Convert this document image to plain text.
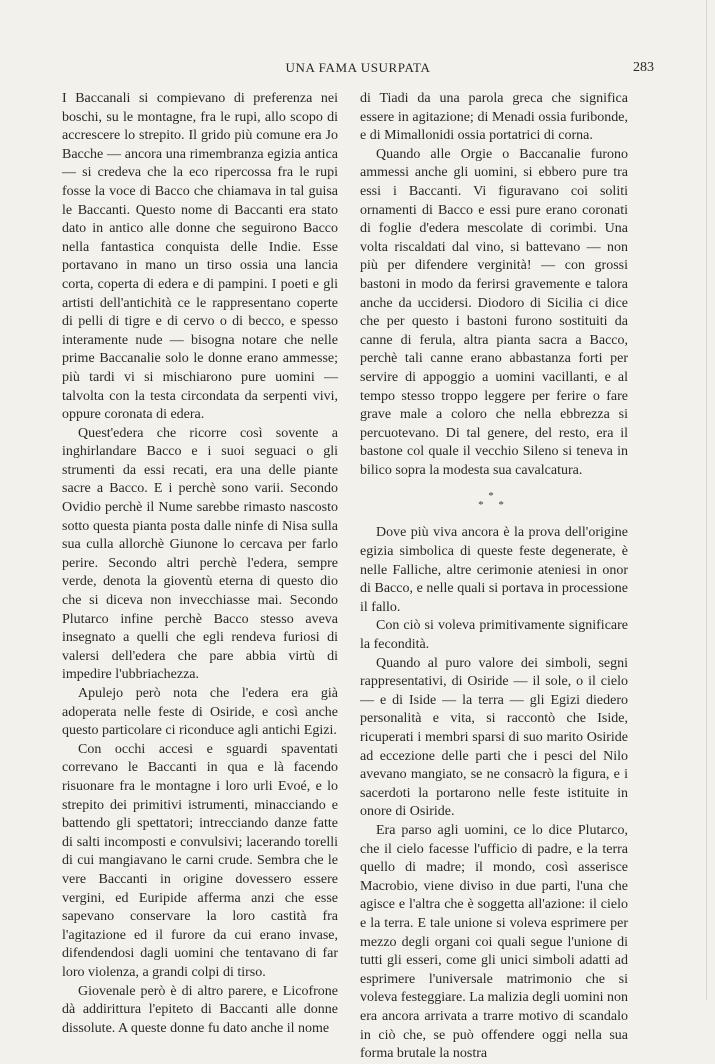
UNA FAMA USURPATA	283

I Baccanali si compievano di preferenza nei boschi, su le montagne, fra le rupi, allo scopo di accrescere lo strepito. Il grido più comune era Jo Bacche — ancora una rimembranza egizia antica — si credeva che la eco ripercossa fra le rupi fosse la voce di Bacco che chiamava in tal guisa le Baccanti. Questo nome di Baccanti era stato dato in antico alle donne che seguirono Bacco nella fantastica conquista delle Indie. Esse portavano in mano un tirso ossia una lancia corta, coperta di edera e di pampini. I poeti e gli artisti dell'antichità ce le rappresentano coperte di pelli di tigre e di cervo o di becco, e spesso interamente nude — bisogna notare che nelle prime Baccanalie solo le donne erano ammesse; più tardi vi si mischiarono pure uomini — talvolta con la testa circondata da serpenti vivi, oppure coronata di edera.

Quest'edera che ricorre così sovente a inghirlandare Bacco e i suoi seguaci o gli strumenti da essi recati, era una delle piante sacre a Bacco. E i perchè sono varii. Secondo Ovidio perchè il Nume sarebbe rimasto nascosto sotto questa pianta posta dalle ninfe di Nisa sulla sua culla allorchè Giunone lo cercava per farlo perire. Secondo altri perchè l'edera, sempre verde, denota la gioventù eterna di questo dio che si diceva non invecchiasse mai. Secondo Plutarco infine perchè Bacco stesso aveva insegnato a quelli che egli rendeva furiosi di valersi dell'edera che pare abbia virtù di impedire l'ubbriachezza.

Apulejo però nota che l'edera era già adoperata nelle feste di Osiride, e così anche questo particolare ci riconduce agli antichi Egizi.

Con occhi accesi e sguardi spaventati correvano le Baccanti in qua e là facendo risuonare fra le montagne i loro urli Evoé, e lo strepito dei primitivi istrumenti, minacciando e battendo gli spettatori; intrecciando danze fatte di salti incomposti e convulsivi; lacerando torelli di cui mangiavano le carni crude. Sembra che le vere Baccanti in origine dovessero essere vergini, ed Euripide afferma anzi che esse sapevano conservare la loro castità fra l'agitazione ed il furore da cui erano invase, difendendosi dagli uomini che tentavano di far loro violenza, a grandi colpi di tirso.

Giovenale però è di altro parere, e Licofrone dà addirittura l'epiteto di Baccanti alle donne dissolute. A queste donne fu dato anche il nome

di Tiadi da una parola greca che significa essere in agitazione; di Menadi ossia furibonde, e di Mimallonidi ossia portatrici di corna.

Quando alle Orgie o Baccanalie furono ammessi anche gli uomini, si ebbero pure tra essi i Baccanti. Vi figuravano coi soliti ornamenti di Bacco e essi pure erano coronati di foglie d'edera mescolate di corimbi. Una volta riscaldati dal vino, si battevano — non più per difendere verginità! — con grossi bastoni in modo da ferirsi gravemente e talora anche da uccidersi. Diodoro di Sicilia ci dice che per questo i bastoni furono sostituiti da canne di ferula, altra pianta sacra a Bacco, perchè tali canne erano abbastanza forti per servire di appoggio a uomini vacillanti, e al tempo stesso troppo leggere per ferire o fare grave male a coloro che nella ebbrezza si percuotevano. Di tal genere, del resto, era il bastone col quale il vecchio Sileno si teneva in bilico sopra la modesta sua cavalcatura.

*
* *

Dove più viva ancora è la prova dell'origine egizia simbolica di queste feste degenerate, è nelle Falliche, altre cerimonie ateniesi in onor di Bacco, e nelle quali si portava in processione il fallo.

Con ciò si voleva primitivamente significare la fecondità.

Quando al puro valore dei simboli, segni rappresentativi, di Osiride — il sole, o il cielo — e di Iside — la terra — gli Egizi diedero personalità e vita, si raccontò che Iside, ricuperati i membri sparsi di suo marito Osiride ad eccezione delle parti che i pesci del Nilo avevano mangiato, se ne consacrò la figura, e i sacerdoti la portarono nelle feste istituite in onore di Osiride.

Era parso agli uomini, ce lo dice Plutarco, che il cielo facesse l'ufficio di padre, e la terra quello di madre; il mondo, così asserisce Macrobio, viene diviso in due parti, l'una che agisce e l'altra che è soggetta all'azione: il cielo e la terra. E tale unione si voleva esprimere per mezzo degli organi coi quali segue l'unione di tutti gli esseri, come gli unici simboli adatti ad esprimere l'universale matrimonio che si voleva festeggiare. La malizia degli uomini non era ancora arrivata a trarre motivo di scandalo in ciò che, se può offendere oggi nella sua forma brutale la nostra
